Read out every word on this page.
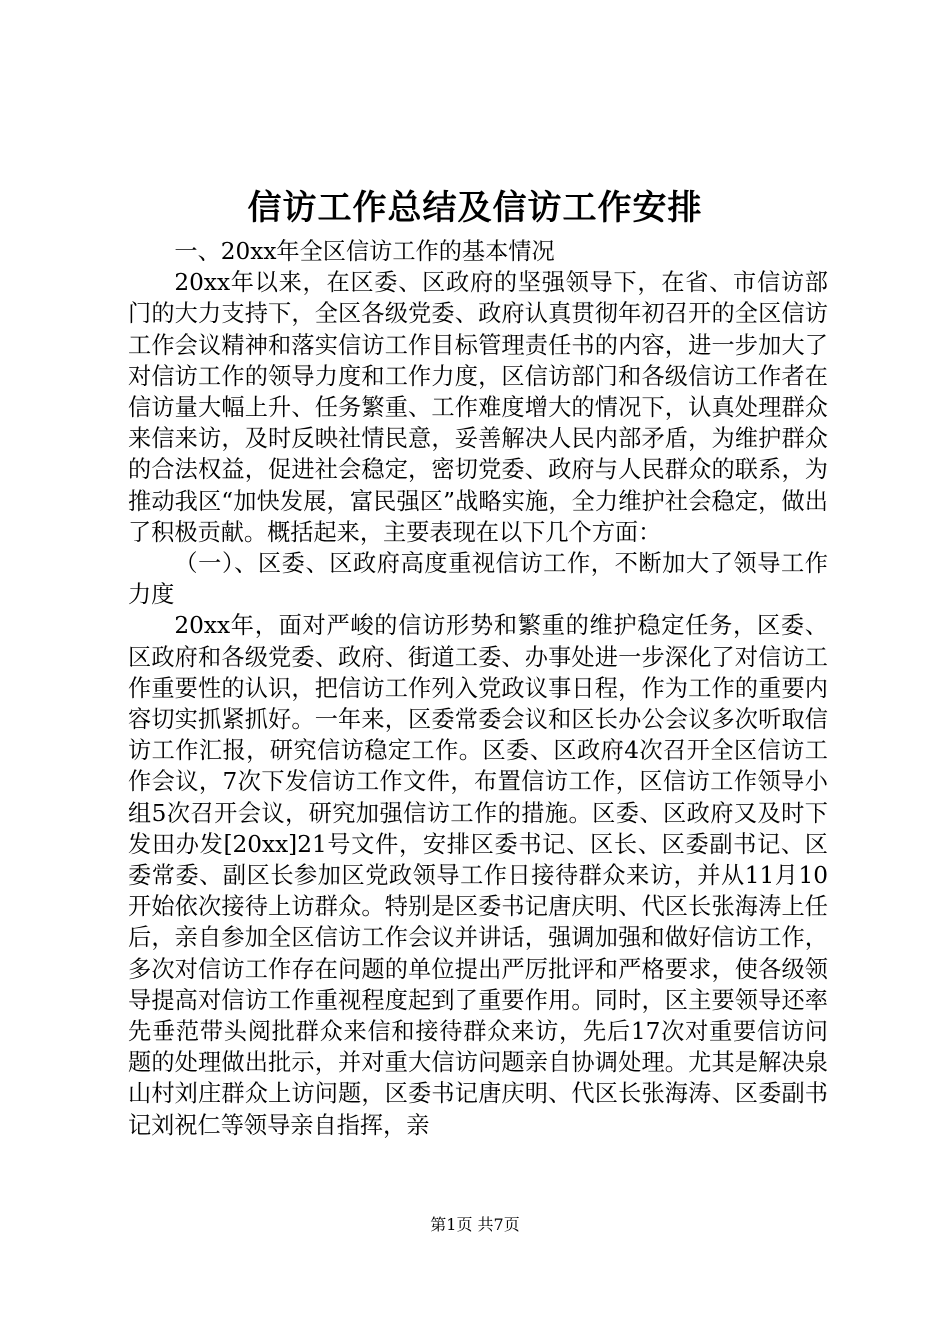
信访工作总结及信访工作安排

一、20xx年全区信访工作的基本情况

20xx年以来，在区委、区政府的坚强领导下，在省、市信访部门的大力支持下，全区各级党委、政府认真贯彻年初召开的全区信访工作会议精神和落实信访工作目标管理责任书的内容，进一步加大了对信访工作的领导力度和工作力度，区信访部门和各级信访工作者在信访量大幅上升、任务繁重、工作难度增大的情况下，认真处理群众来信来访，及时反映社情民意，妥善解决人民内部矛盾，为维护群众的合法权益，促进社会稳定，密切党委、政府与人民群众的联系，为推动我区“加快发展，富民强区”战略实施，全力维护社会稳定，做出了积极贡献。概括起来，主要表现在以下几个方面：

（一）、区委、区政府高度重视信访工作，不断加大了领导工作力度

20xx年，面对严峻的信访形势和繁重的维护稳定任务，区委、区政府和各级党委、政府、街道工委、办事处进一步深化了对信访工作重要性的认识，把信访工作列入党政议事日程，作为工作的重要内容切实抓紧抓好。一年来，区委常委会议和区长办公会议多次听取信访工作汇报，研究信访稳定工作。区委、区政府4次召开全区信访工作会议，7次下发信访工作文件，布置信访工作，区信访工作领导小组5次召开会议，研究加强信访工作的措施。区委、区政府又及时下发田办发[20xx]21号文件，安排区委书记、区长、区委副书记、区委常委、副区长参加区党政领导工作日接待群众来访，并从11月10开始依次接待上访群众。特别是区委书记唐庆明、代区长张海涛上任后，亲自参加全区信访工作会议并讲话，强调加强和做好信访工作，多次对信访工作存在问题的单位提出严厉批评和严格要求，使各级领导提高对信访工作重视程度起到了重要作用。同时，区主要领导还率先垂范带头阅批群众来信和接待群众来访，先后17次对重要信访问题的处理做出批示，并对重大信访问题亲自协调处理。尤其是解决泉山村刘庄群众上访问题，区委书记唐庆明、代区长张海涛、区委副书记刘祝仁等领导亲自指挥，亲

第1页 共7页
